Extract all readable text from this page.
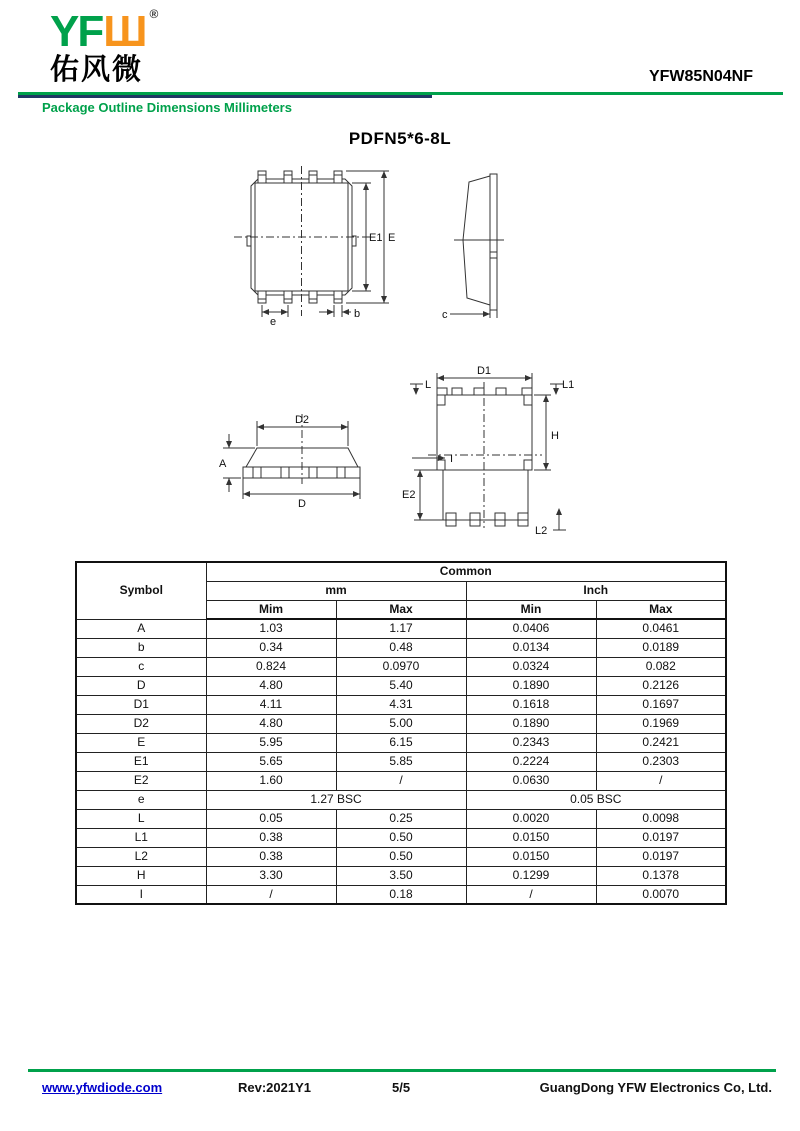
YF Ш ®
佑风微	YFW85N04NF
Package Outline Dimensions Millimeters
PDFN5*6-8L
E1 E
e
b	c
D2
A
D
D1
L	L1
H
I
E2
L2
Symbol	Common			
	mm		Inch	
	Mim	Max	Min	Max
A	1.03	1.17	0.0406	0.0461
b	0.34	0.48	0.0134	0.0189
c	0.824	0.0970	0.0324	0.082
D	4.80	5.40	0.1890	0.2126
D1	4.11	4.31	0.1618	0.1697
D2	4.80	5.00	0.1890	0.1969
E	5.95	6.15	0.2343	0.2421
E1	5.65	5.85	0.2224	0.2303
E2	1.60	/	0.0630	/
e	1.27 BSC		0.05 BSC	
L	0.05	0.25	0.0020	0.0098
L1	0.38	0.50	0.0150	0.0197
L2	0.38	0.50	0.0150	0.0197
H	3.30	3.50	0.1299	0.1378
I	/	0.18	/	0.0070
www.yfwdiode.com	Rev:2021Y1	5/5	GuangDong YFW Electronics Co, Ltd.
